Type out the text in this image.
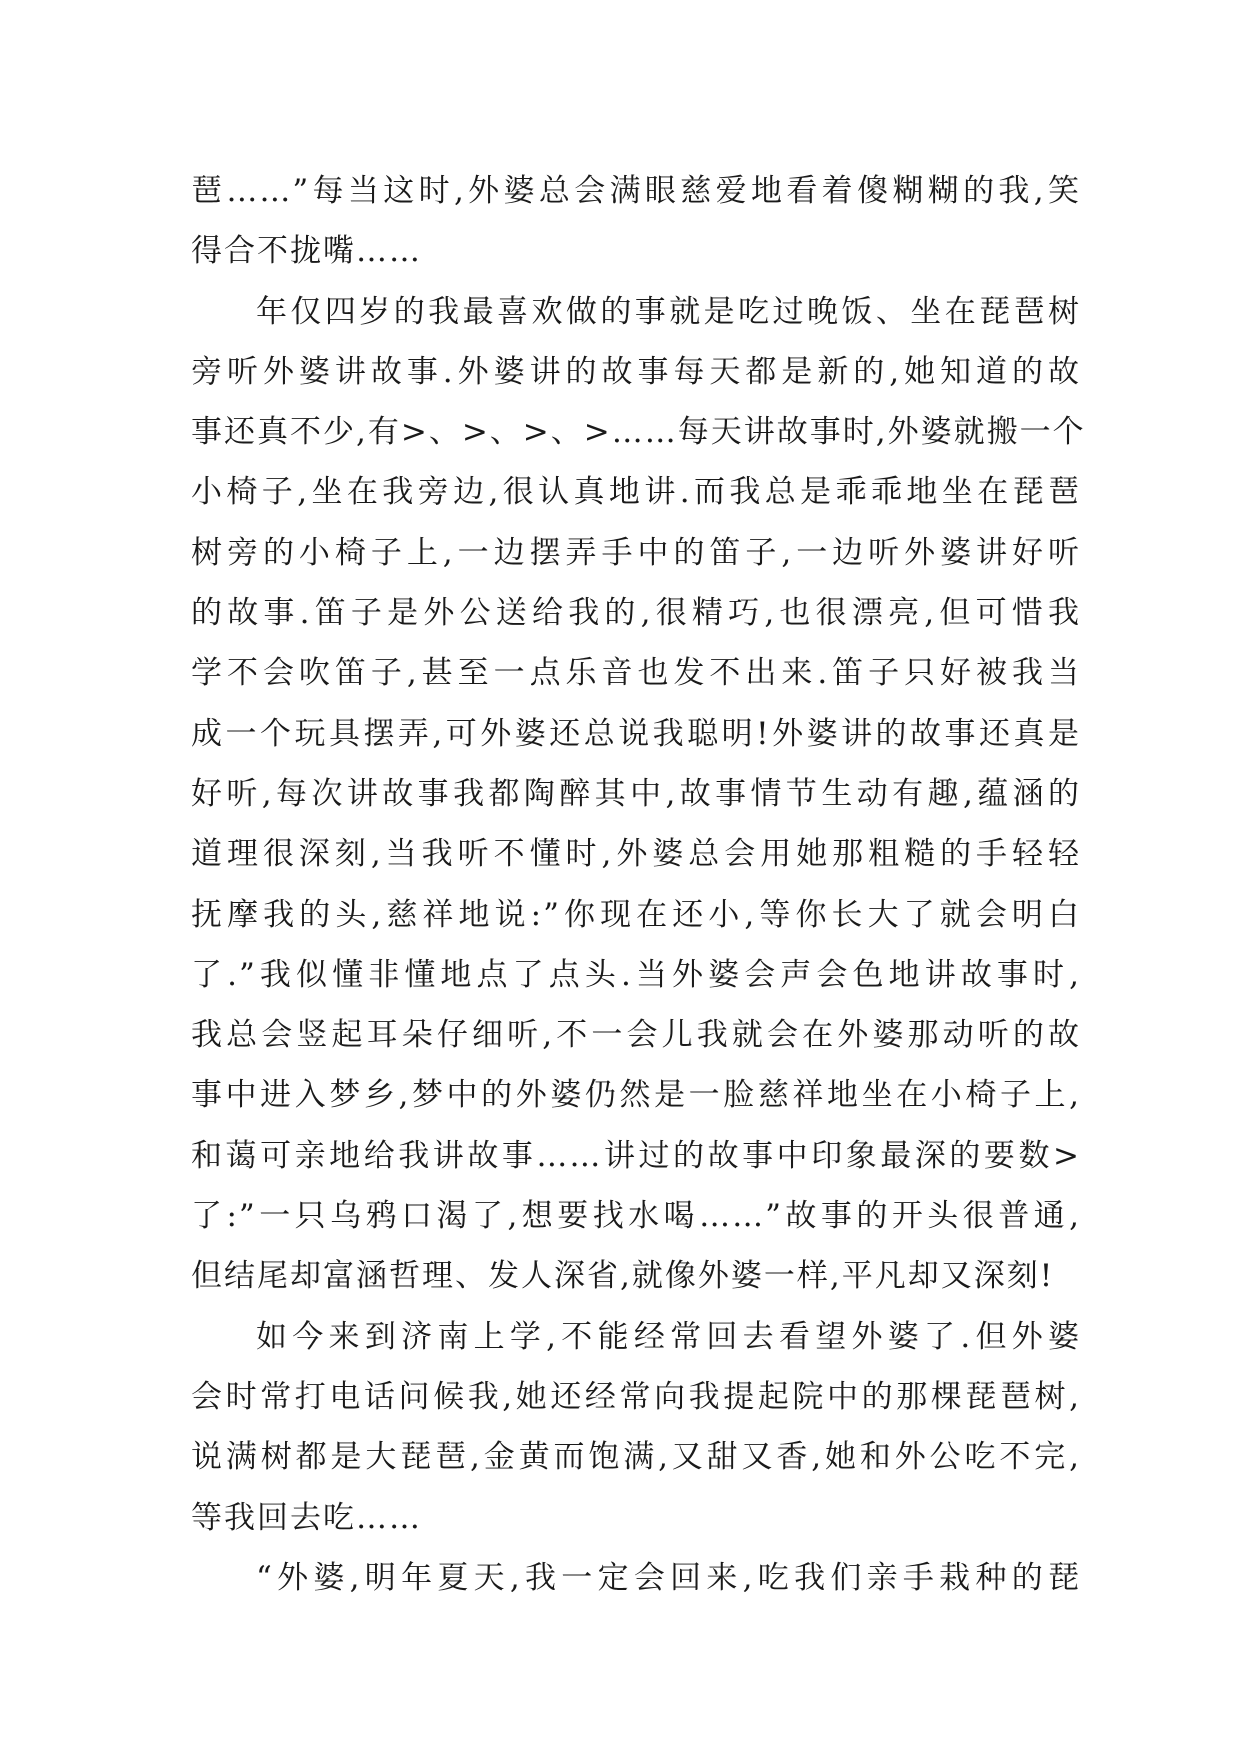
琶……”每当这时,外婆总会满眼慈爱地看着傻糊糊的我,笑
得合不拢嘴……
年仅四岁的我最喜欢做的事就是吃过晚饭、坐在琵琶树
旁听外婆讲故事.外婆讲的故事每天都是新的,她知道的故
事还真不少,有>、>、>、>……每天讲故事时,外婆就搬一个
小椅子,坐在我旁边,很认真地讲.而我总是乖乖地坐在琵琶
树旁的小椅子上,一边摆弄手中的笛子,一边听外婆讲好听
的故事.笛子是外公送给我的,很精巧,也很漂亮,但可惜我
学不会吹笛子,甚至一点乐音也发不出来.笛子只好被我当
成一个玩具摆弄,可外婆还总说我聪明!外婆讲的故事还真是
好听,每次讲故事我都陶醉其中,故事情节生动有趣,蕴涵的
道理很深刻,当我听不懂时,外婆总会用她那粗糙的手轻轻
抚摩我的头,慈祥地说:”你现在还小,等你长大了就会明白
了.”我似懂非懂地点了点头.当外婆会声会色地讲故事时,
我总会竖起耳朵仔细听,不一会儿我就会在外婆那动听的故
事中进入梦乡,梦中的外婆仍然是一脸慈祥地坐在小椅子上,
和蔼可亲地给我讲故事……讲过的故事中印象最深的要数>
了:”一只乌鸦口渴了,想要找水喝……”故事的开头很普通,
但结尾却富涵哲理、发人深省,就像外婆一样,平凡却又深刻!
如今来到济南上学,不能经常回去看望外婆了.但外婆
会时常打电话问候我,她还经常向我提起院中的那棵琵琶树,
说满树都是大琵琶,金黄而饱满,又甜又香,她和外公吃不完,
等我回去吃……
“外婆,明年夏天,我一定会回来,吃我们亲手栽种的琵
